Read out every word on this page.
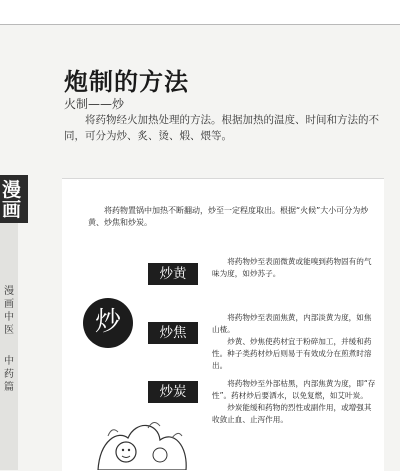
炮制的方法
火制——炒
将药物经火加热处理的方法。根据加热的温度、时间和方法的不同，可分为炒、炙、烫、煅、煨等。
漫画
漫画中医
中药篇
将药物置锅中加热不断翻动，炒至一定程度取出。根据“火候”大小可分为炒黄、炒焦和炒炭。
炒
炒黄

将药物炒至表面微黄或能嗅到药物固有的气味为度，如炒苏子。

炒焦

将药物炒至表面焦黄，内部淡黄为度，如焦山楂。

炒黄、炒焦使药材宜于粉碎加工，并缓和药性。种子类药材炒后则易于有效成分在煎煮时溶出。

炒炭

将药物炒至外部枯黑，内部焦黄为度，即“存性”。药材炒后要洒水，以免复燃，如艾叶炭。

炒炭能缓和药物的烈性或副作用，或增强其收敛止血、止泻作用。
